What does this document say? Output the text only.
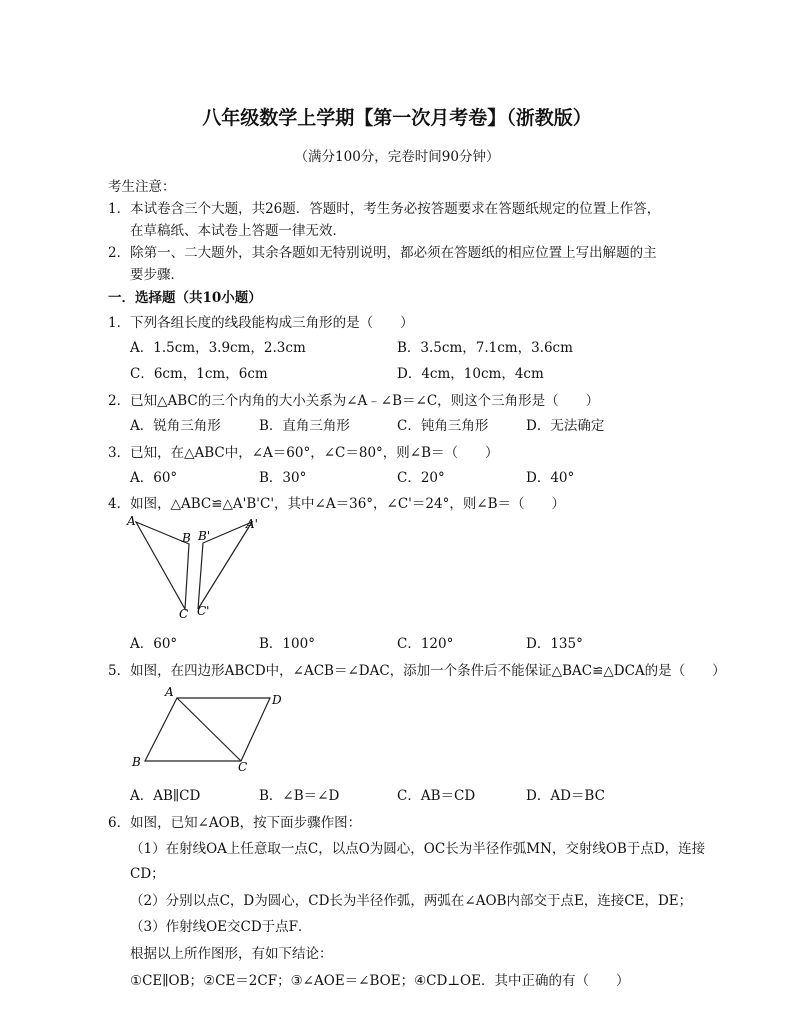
八年级数学上学期【第一次月考卷】（浙教版）
（满分100分，完卷时间90分钟）
考生注意：
1．本试卷含三个大题，共26题．答题时，考生务必按答题要求在答题纸规定的位置上作答，
在草稿纸、本试卷上答题一律无效．
2．除第一、二大题外，其余各题如无特别说明，都必须在答题纸的相应位置上写出解题的主
要步骤．
一．选择题（共10小题）
1．下列各组长度的线段能构成三角形的是（　　）
A．1.5cm，3.9cm，2.3cm	B．3.5cm，7.1cm，3.6cm
C．6cm，1cm，6cm	D．4cm，10cm，4cm
2．已知△ABC的三个内角的大小关系为∠A﹣∠B＝∠C，则这个三角形是（　　）
A．锐角三角形	B．直角三角形	C．钝角三角形	D．无法确定
3．已知，在△ABC中，∠A＝60°，∠C＝80°，则∠B＝（　　）
A．60°	B．30°	C．20°	D．40°
4．如图，△ABC≌△A'B'C'，其中∠A＝36°，∠C'＝24°，则∠B＝（　　）
A
B B'
A'
C C'
A．60°	B．100°	C．120°	D．135°
5．如图，在四边形ABCD中，∠ACB＝∠DAC，添加一个条件后不能保证△BAC≌△DCA的是（　　）
A
D
B	C
A．AB∥CD	B．∠B＝∠D	C．AB＝CD	D．AD＝BC
6．如图，已知∠AOB，按下面步骤作图：
（1）在射线OA上任意取一点C，以点O为圆心，OC长为半径作弧MN，交射线OB于点D，连接
CD；
（2）分别以点C，D为圆心，CD长为半径作弧，两弧在∠AOB内部交于点E，连接CE，DE；
（3）作射线OE交CD于点F．
根据以上所作图形，有如下结论：
①CE∥OB；②CE＝2CF；③∠AOE＝∠BOE；④CD⊥OE．其中正确的有（　　）
